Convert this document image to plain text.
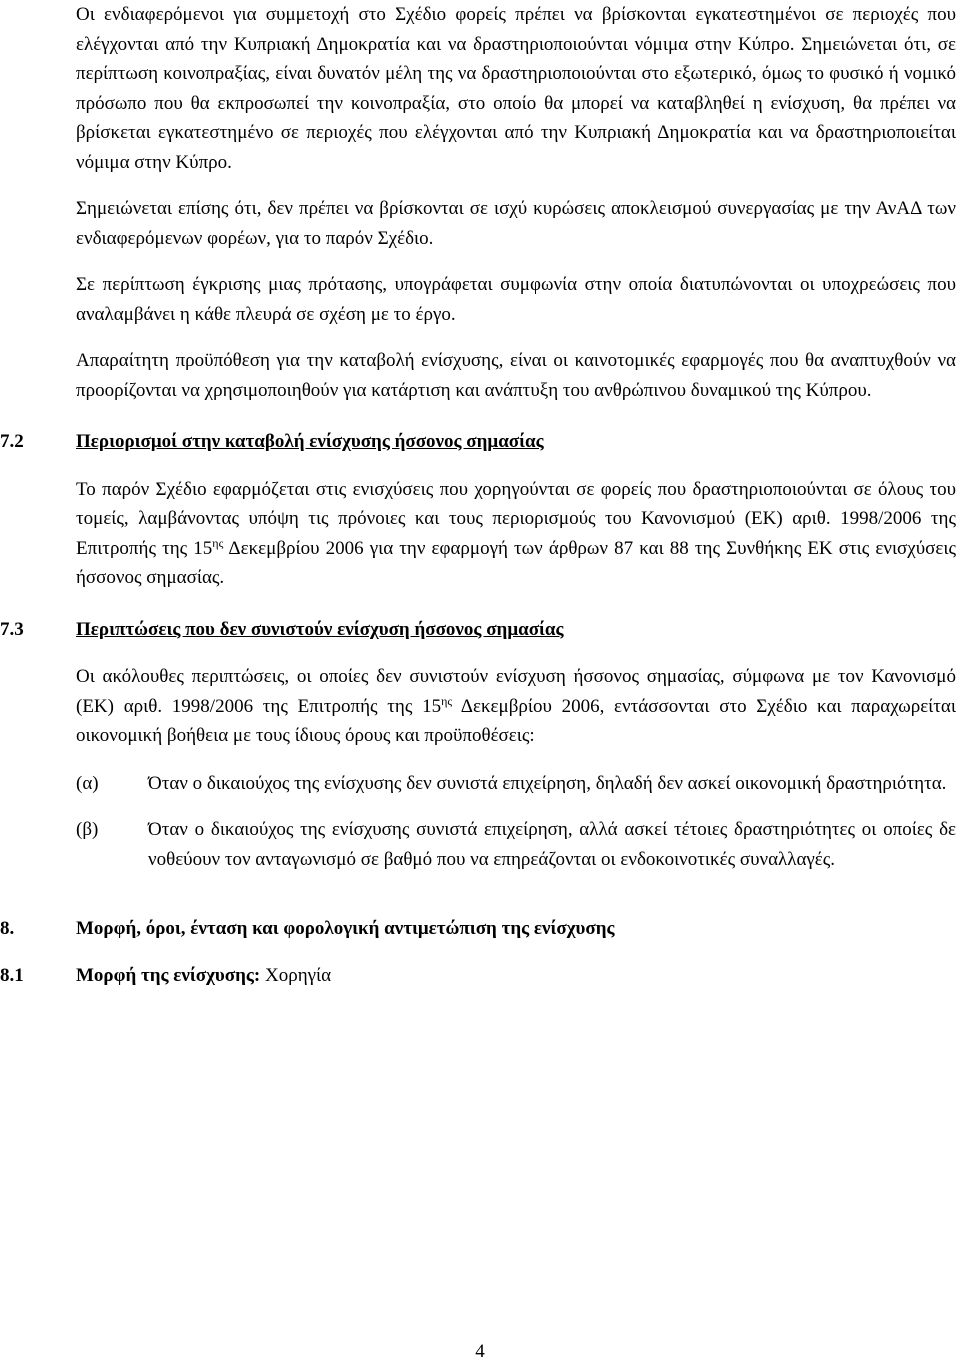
Οι ενδιαφερόμενοι για συμμετοχή στο Σχέδιο φορείς πρέπει να βρίσκονται εγκατεστημένοι σε περιοχές που ελέγχονται από την Κυπριακή Δημοκρατία και να δραστηριοποιούνται νόμιμα στην Κύπρο. Σημειώνεται ότι, σε περίπτωση κοινοπραξίας, είναι δυνατόν μέλη της να δραστηριοποιούνται στο εξωτερικό, όμως το φυσικό ή νομικό πρόσωπο που θα εκπροσωπεί την κοινοπραξία, στο οποίο θα μπορεί να καταβληθεί η ενίσχυση, θα πρέπει να βρίσκεται εγκατεστημένο σε περιοχές που ελέγχονται από την Κυπριακή Δημοκρατία και να δραστηριοποιείται νόμιμα στην Κύπρο.

Σημειώνεται επίσης ότι, δεν πρέπει να βρίσκονται σε ισχύ κυρώσεις αποκλεισμού συνεργασίας με την ΑνΑΔ των ενδιαφερόμενων φορέων, για το παρόν Σχέδιο.

Σε περίπτωση έγκρισης μιας πρότασης, υπογράφεται συμφωνία στην οποία διατυπώνονται οι υποχρεώσεις που αναλαμβάνει η κάθε πλευρά σε σχέση με το έργο.

Απαραίτητη προϋπόθεση για την καταβολή ενίσχυσης, είναι οι καινοτομικές εφαρμογές που θα αναπτυχθούν να προορίζονται να χρησιμοποιηθούν για κατάρτιση και ανάπτυξη του ανθρώπινου δυναμικού της Κύπρου.

7.2	Περιορισμοί στην καταβολή ενίσχυσης ήσσονος σημασίας

Το παρόν Σχέδιο εφαρμόζεται στις ενισχύσεις που χορηγούνται σε φορείς που δραστηριοποιούνται σε όλους του τομείς, λαμβάνοντας υπόψη τις πρόνοιες και τους περιορισμούς του Κανονισμού (ΕΚ) αριθ. 1998/2006 της Επιτροπής της $15^{\eta\varsigma}$ Δεκεμβρίου 2006 για την εφαρμογή των άρθρων 87 και 88 της Συνθήκης ΕΚ στις ενισχύσεις ήσσονος σημασίας.

7.3	Περιπτώσεις που δεν συνιστούν ενίσχυση ήσσονος σημασίας

Οι ακόλουθες περιπτώσεις, οι οποίες δεν συνιστούν ενίσχυση ήσσονος σημασίας, σύμφωνα με τον Κανονισμό (ΕΚ) αριθ. 1998/2006 της Επιτροπής της $15^{\eta\varsigma}$ Δεκεμβρίου 2006, εντάσσονται στο Σχέδιο και παραχωρείται οικονομική βοήθεια με τους ίδιους όρους και προϋποθέσεις:

(α)	Όταν ο δικαιούχος της ενίσχυσης δεν συνιστά επιχείρηση, δηλαδή δεν ασκεί οικονομική δραστηριότητα.
(β)	Όταν ο δικαιούχος της ενίσχυσης συνιστά επιχείρηση, αλλά ασκεί τέτοιες δραστηριότητες οι οποίες δε νοθεύουν τον ανταγωνισμό σε βαθμό που να επηρεάζονται οι ενδοκοινοτικές συναλλαγές.
8.	Μορφή, όροι, ένταση και φορολογική αντιμετώπιση της ενίσχυσης
8.1	Μορφή της ενίσχυσης: Χορηγία
4
